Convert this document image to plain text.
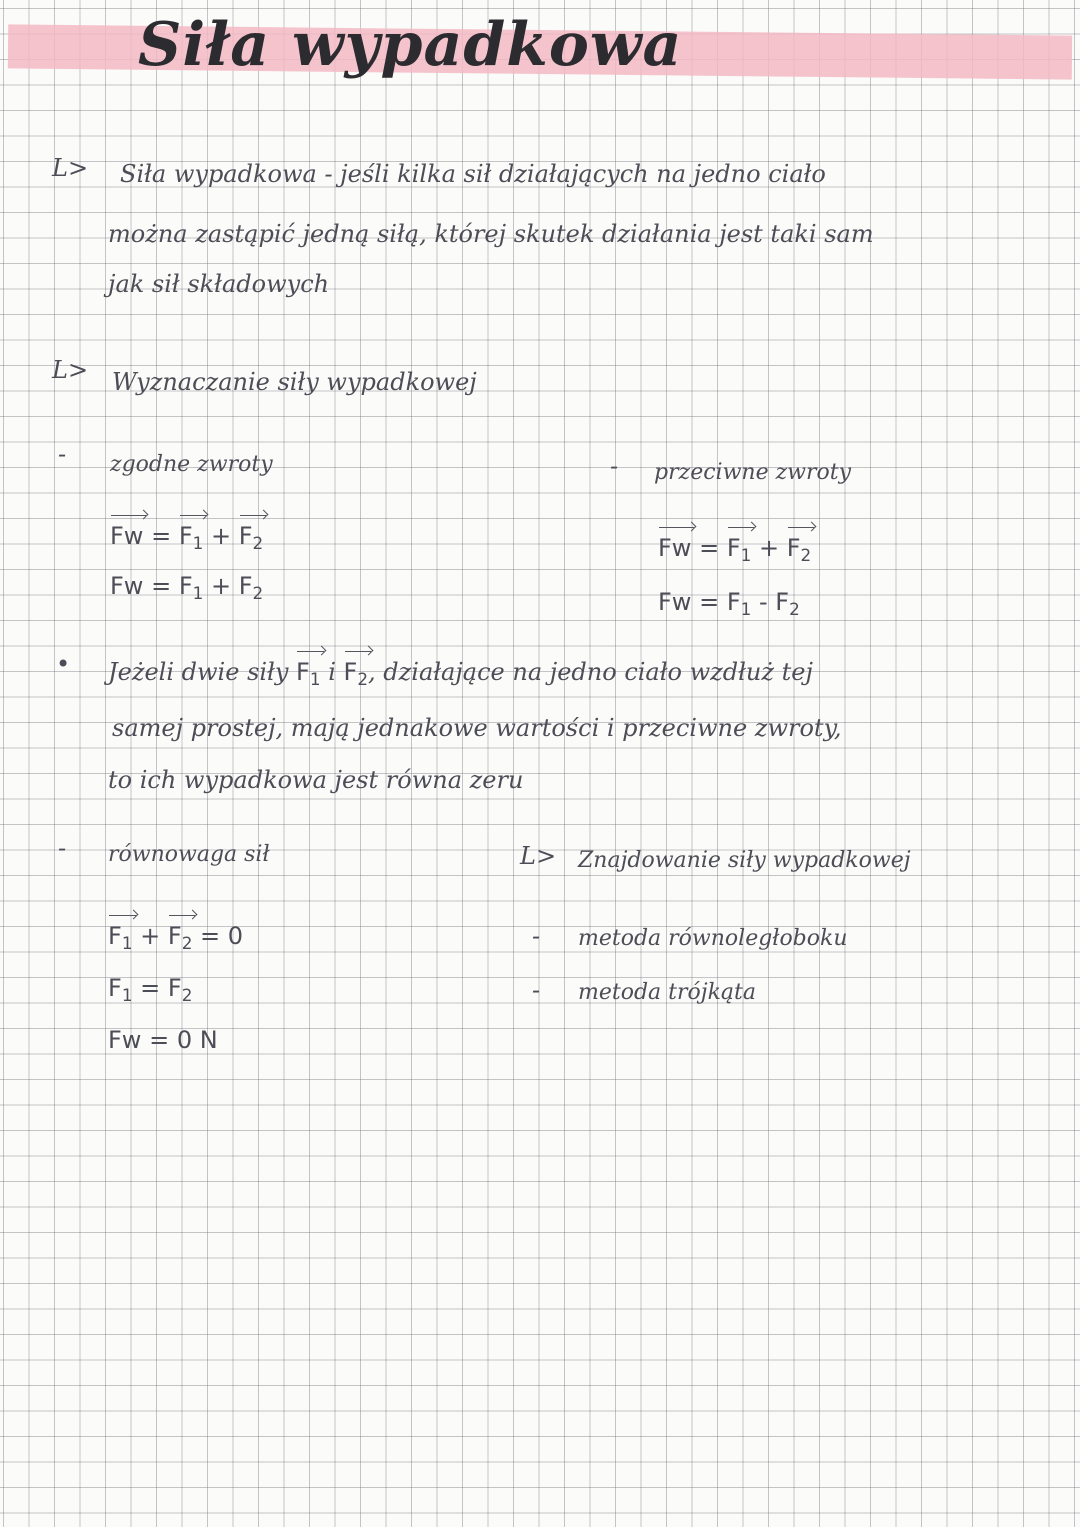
Siła wypadkowa
L> Siła wypadkowa - jeśli kilka sił działających na jedno ciało
można zastąpić jedną siłą, której skutek działania jest taki sam
jak sił składowych
L> Wyznaczanie siły wypadkowej
- zgodne zwroty
$Fw = F_1 + F_2$
$Fw = F_1 + F_2$
- przeciwne zwroty
$Fw = F_1 + F_2$
$Fw = F_1 - F_2$
• Jeżeli dwie siły $F_1$ i $F_2$, działające na jedno ciało wzdłuż tej
samej prostej, mają jednakowe wartości i przeciwne zwroty,
to ich wypadkowa jest równa zeru
- równowaga sił
$F_1 + F_2 = 0$
$F_1 = F_2$
Fw = 0 N
L> Znajdowanie siły wypadkowej
- metoda równoległoboku
- metoda trójkąta
